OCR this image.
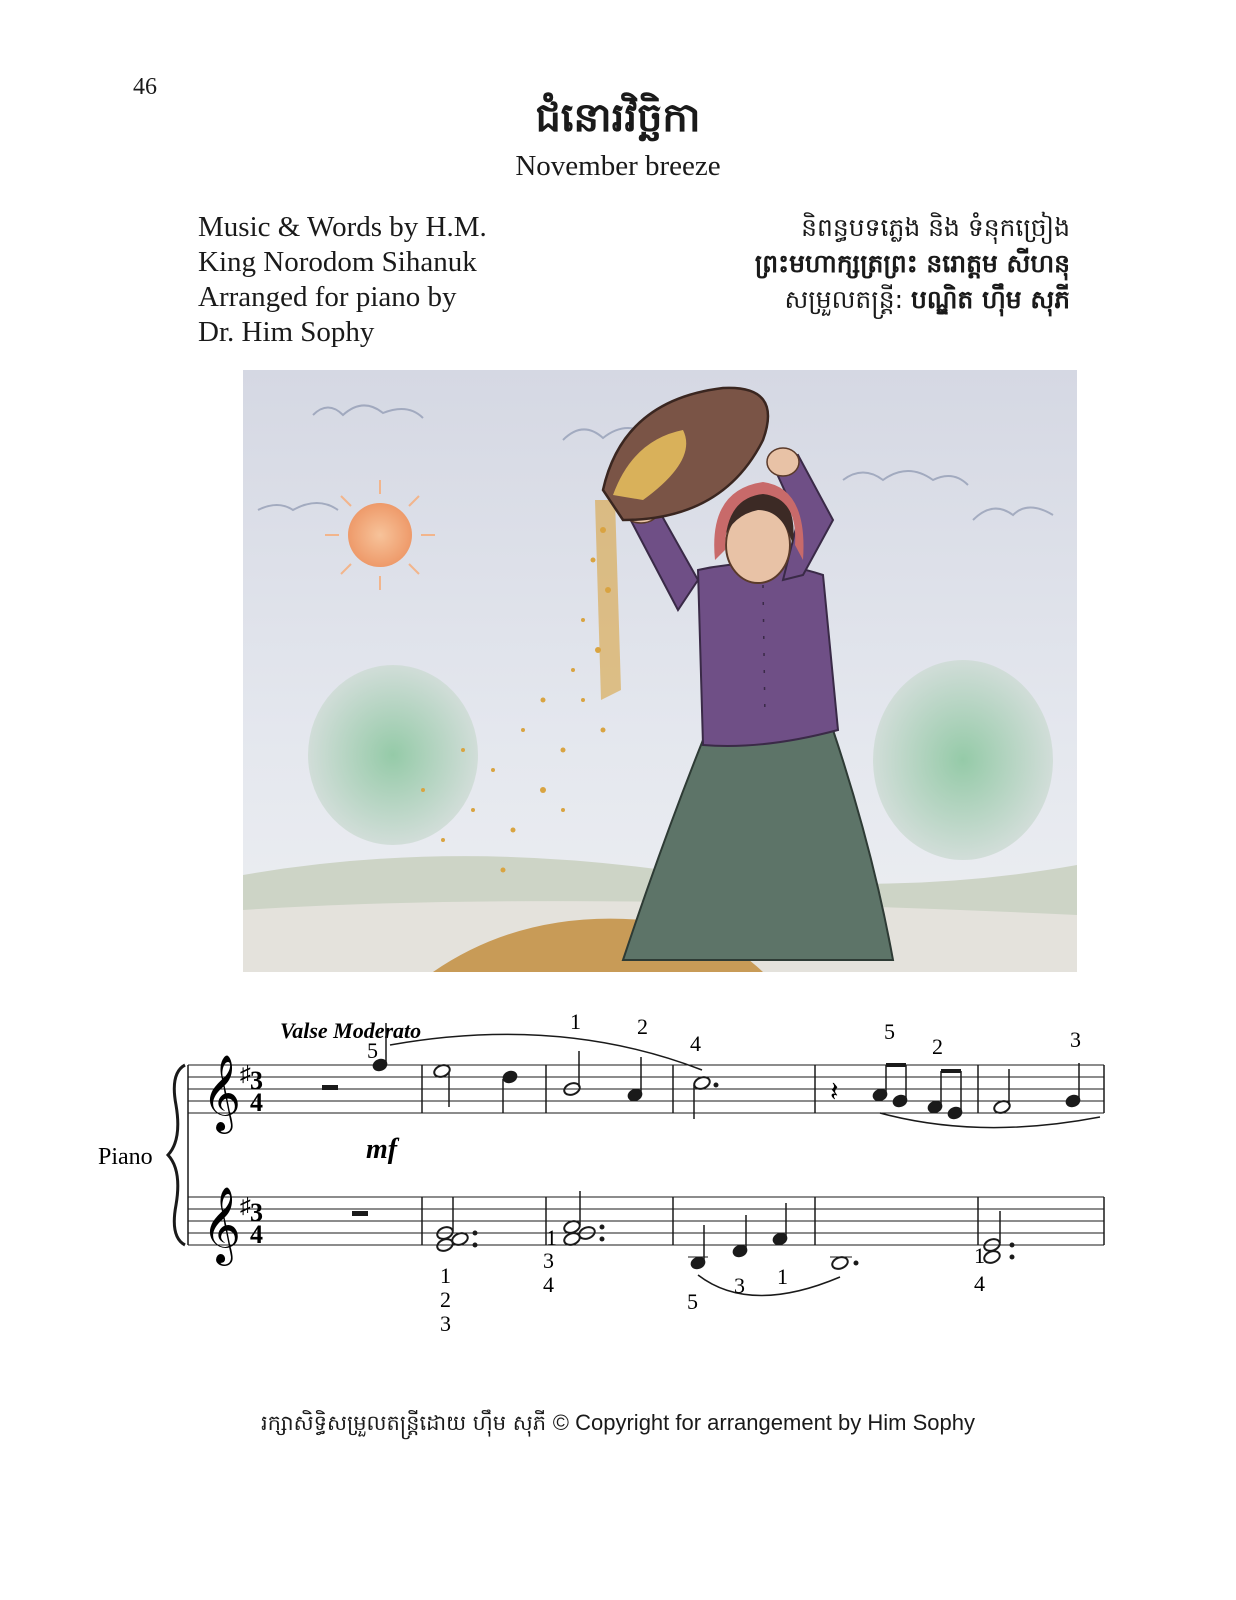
46
ជំនោរវិច្ឆិកា
November breeze
Music & Words by H.M.
King Norodom Sihanuk
Arranged for piano by
Dr. Him Sophy
និពន្ធបទភ្លេង និង ទំនុកច្រៀង
ព្រះមហាក្សត្រព្រះ នរោត្តម សីហនុ
សម្រួលតន្ត្រី: បណ្ឌិត ហ៊ឹម សុភី
Valse Moderato
Piano
𝄞
𝄞
♯
♯
3
4
3
4
mf
𝄽
5
1	2
4	5
2	3
1
2
3
1
3
4
5
3 1
1
4
រក្សាសិទ្ធិសម្រួលតន្ត្រីដោយ ហ៊ឹម សុភី © Copyright for arrangement by Him Sophy
